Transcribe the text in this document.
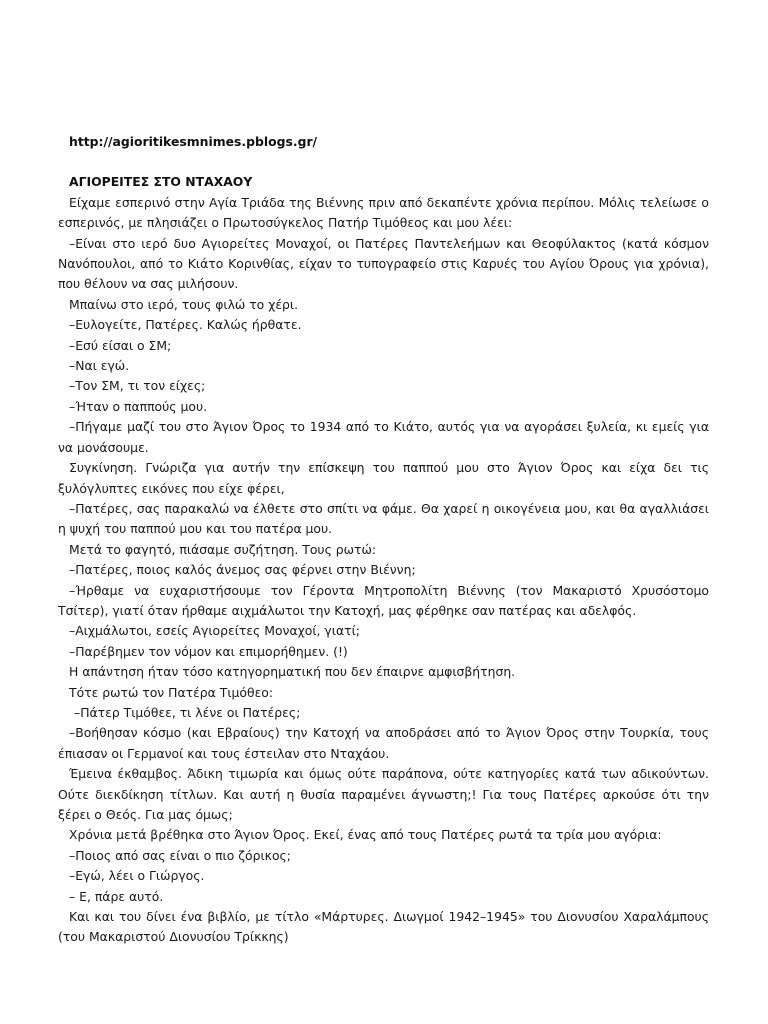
http://agioritikesmnimes.pblogs.gr/
ΑΓΙΟΡΕΙΤΕΣ ΣΤΟ ΝΤΑΧΑΟΥ

Είχαμε εσπερινό στην Αγία Τριάδα της Βιέννης πριν από δεκαπέντε χρόνια περίπου. Μόλις τελείωσε ο εσπερινός, με πλησιάζει ο Πρωτοσύγκελος Πατήρ Τιμόθεος και μου λέει:

–Είναι στο ιερό δυο Αγιορείτες Μοναχοί, οι Πατέρες Παντελεήμων και Θεοφύλακτος (κατά κόσμον Νανόπουλοι, από το Κιάτο Κορινθίας, είχαν το τυπογραφείο στις Καρυές του Αγίου Όρους για χρόνια), που θέλουν να σας μιλήσουν.

Μπαίνω στο ιερό, τους φιλώ το χέρι.

–Ευλογείτε, Πατέρες. Καλώς ήρθατε.

–Εσύ είσαι ο ΣΜ;

–Ναι εγώ.

–Τον ΣΜ, τι τον είχες;

–Ήταν ο παππούς μου.

–Πήγαμε μαζί του στο Άγιον Όρος το 1934 από το Κιάτο, αυτός για να αγοράσει ξυλεία, κι εμείς για να μονάσουμε.

Συγκίνηση. Γνώριζα για αυτήν την επίσκεψη του παππού μου στο Άγιον Όρος και είχα δει τις ξυλόγλυπτες εικόνες που είχε φέρει,

–Πατέρες, σας παρακαλώ να έλθετε στο σπίτι να φάμε. Θα χαρεί η οικογένεια μου, και θα αγαλλιάσει η ψυχή του παππού μου και του πατέρα μου.

Μετά το φαγητό, πιάσαμε συζήτηση. Τους ρωτώ:

–Πατέρες, ποιος καλός άνεμος σας φέρνει στην Βιέννη;

–Ήρθαμε να ευχαριστήσουμε τον Γέροντα Μητροπολίτη Βιέννης (τον Μακαριστό Χρυσόστομο Τσίτερ), γιατί όταν ήρθαμε αιχμάλωτοι την Κατοχή, μας φέρθηκε σαν πατέρας και αδελφός.

–Αιχμάλωτοι, εσείς Αγιορείτες Μοναχοί, γιατί;

–Παρέβημεν τον νόμον και επιμορήθημεν. (!)

Η απάντηση ήταν τόσο κατηγορηματική που δεν έπαιρνε αμφισβήτηση.

Τότε ρωτώ τον Πατέρα Τιμόθεο:

–Πάτερ Τιμόθεε, τι λένε οι Πατέρες;

–Βοήθησαν κόσμο (και Εβραίους) την Κατοχή να αποδράσει από το Άγιον Όρος στην Τουρκία, τους έπιασαν οι Γερμανοί και τους έστειλαν στο Νταχάου.

Έμεινα έκθαμβος. Άδικη τιμωρία και όμως ούτε παράπονα, ούτε κατηγορίες κατά των αδικούντων. Ούτε διεκδίκηση τίτλων. Και αυτή η θυσία παραμένει άγνωστη;! Για τους Πατέρες αρκούσε ότι την ξέρει ο Θεός. Για μας όμως;

Χρόνια μετά βρέθηκα στο Άγιον Όρος. Εκεί, ένας από τους Πατέρες ρωτά τα τρία μου αγόρια:

–Ποιος από σας είναι ο πιο ζόρικος;

–Εγώ, λέει ο Γιώργος.

– Ε, πάρε αυτό.

Και και του δίνει ένα βιβλίο, με τίτλο «Μάρτυρες. Διωγμοί 1942–1945» του Διονυσίου Χαραλάμπους (του Μακαριστού Διονυσίου Τρίκκης)
